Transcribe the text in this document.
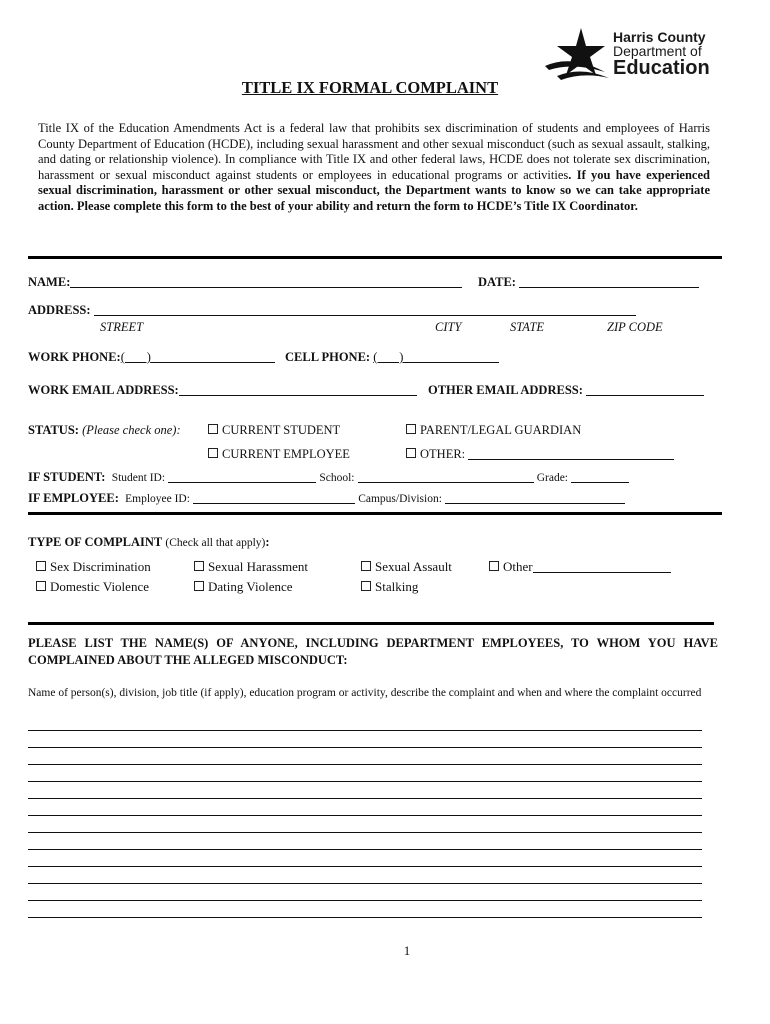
Harris County
Department of
Education
TITLE IX FORMAL COMPLAINT
Title IX of the Education Amendments Act is a federal law that prohibits sex discrimination of students and employees of Harris County Department of Education (HCDE), including sexual harassment and other sexual misconduct (such as sexual assault, stalking, and dating or relationship violence). In compliance with Title IX and other federal laws, HCDE does not tolerate sex discrimination, harassment or sexual misconduct against students or employees in educational programs or activities. If you have experienced sexual discrimination, harassment or other sexual misconduct, the Department wants to know so we can take appropriate action. Please complete this form to the best of your ability and return the form to HCDE’s Title IX Coordinator.
NAME:	DATE:
ADDRESS:
STREET	CITY	STATE	ZIP CODE
WORK PHONE:(       )	CELL PHONE: (       )
WORK EMAIL ADDRESS:	OTHER EMAIL ADDRESS:
STATUS: (Please check one):	CURRENT STUDENT	PARENT/LEGAL GUARDIAN
CURRENT EMPLOYEE	OTHER:
IF STUDENT: Student ID:	School:	Grade:
IF EMPLOYEE: Employee ID:	Campus/Division:
TYPE OF COMPLAINT (Check all that apply):
Sex Discrimination	Sexual Harassment	Sexual Assault	Other
Domestic Violence	Dating Violence	Stalking
PLEASE LIST THE NAME(S) OF ANYONE, INCLUDING DEPARTMENT EMPLOYEES, TO WHOM YOU HAVE COMPLAINED ABOUT THE ALLEGED MISCONDUCT:
Name of person(s), division, job title (if apply), education program or activity, describe the complaint and when and where the complaint occurred
1
